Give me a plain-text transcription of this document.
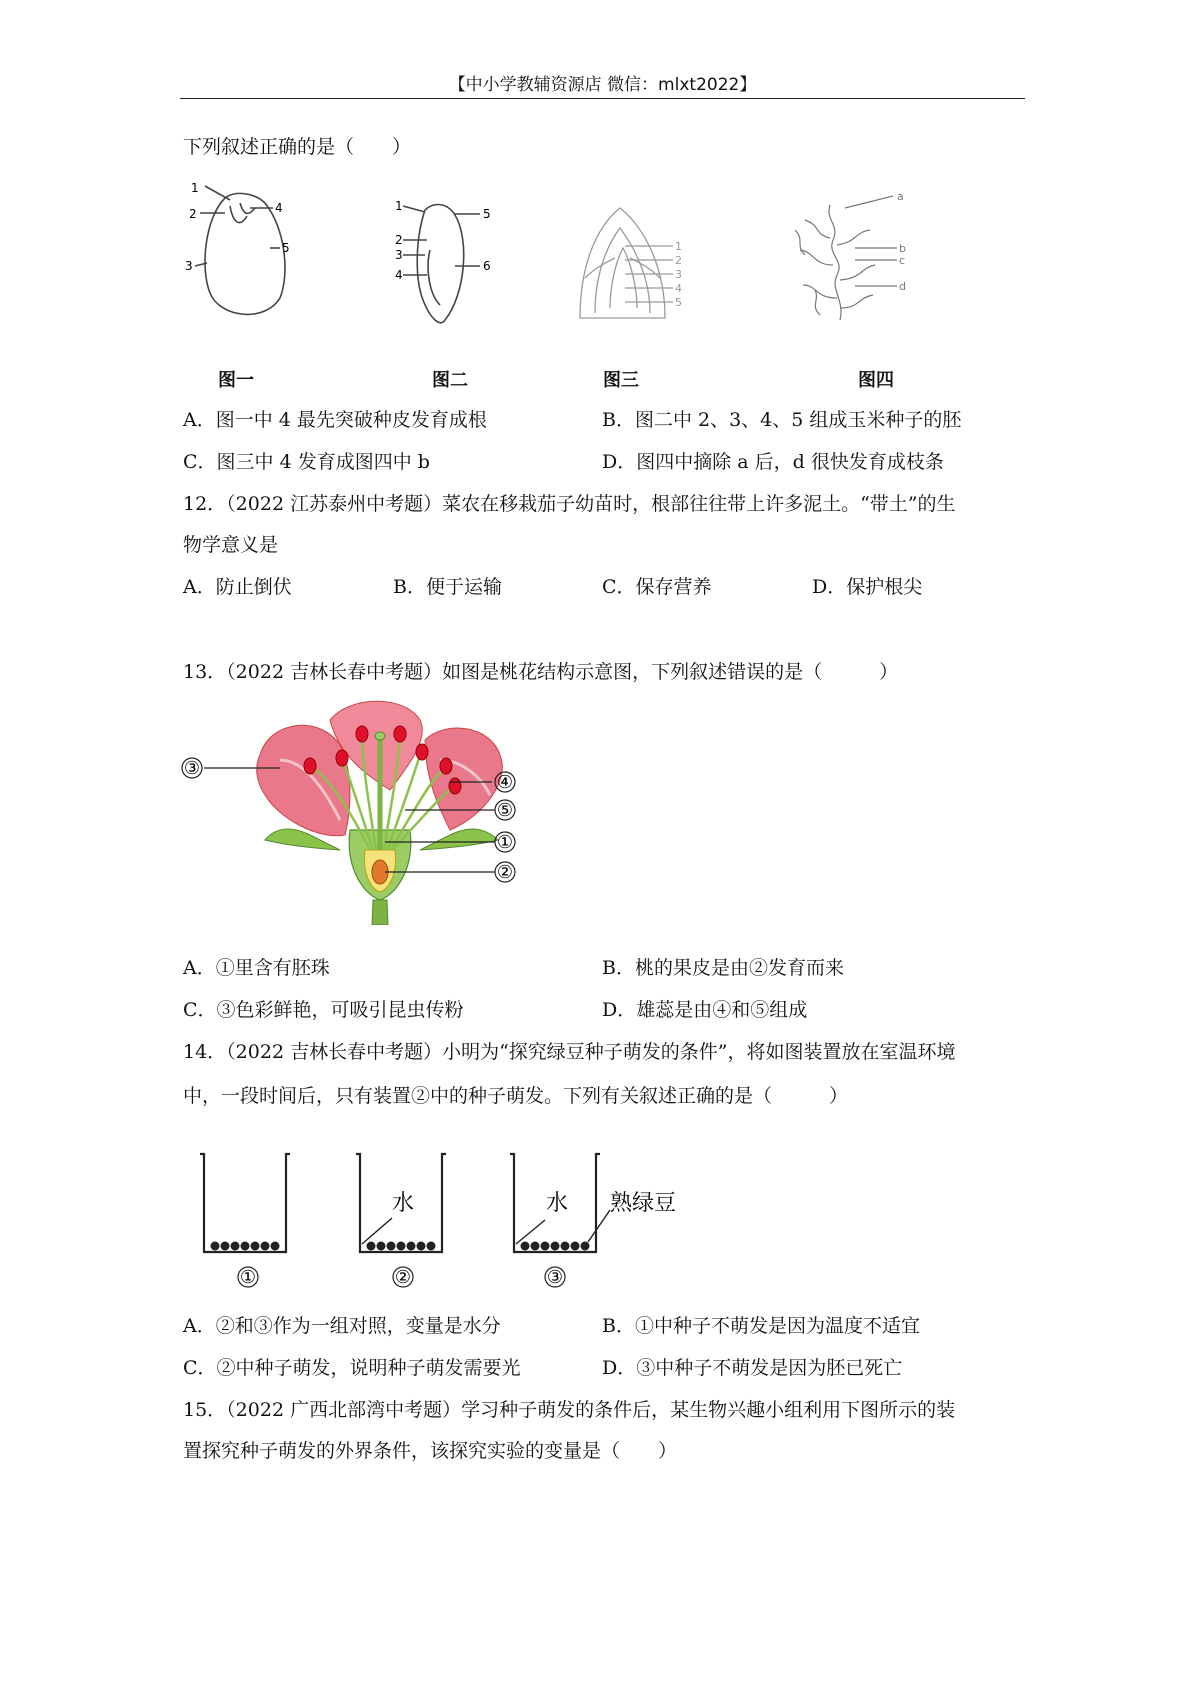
【中小学教辅资源店 微信：mlxt2022】
下列叙述正确的是（　　）
1
2
3
4
5
1
2
3
4
5
6
1
2
3
4
5
a
b
c
d
图一	图二	图三	图四
A．图一中 4 最先突破种皮发育成根	B．图二中 2、3、4、5 组成玉米种子的胚
C．图三中 4 发育成图四中 b	D．图四中摘除 a 后，d 很快发育成枝条
12．（2022 江苏泰州中考题）菜农在移栽茄子幼苗时，根部往往带上许多泥土。“带土”的生
物学意义是
A．防止倒伏	B．便于运输	C．保存营养	D．保护根尖
13．（2022 吉林长春中考题）如图是桃花结构示意图，下列叙述错误的是（　　　）
③
④
⑤
①
②
A．①里含有胚珠	B．桃的果皮是由②发育而来
C．③色彩鲜艳，可吸引昆虫传粉	D．雄蕊是由④和⑤组成
14．（2022 吉林长春中考题）小明为“探究绿豆种子萌发的条件”，将如图装置放在室温环境
中，一段时间后，只有装置②中的种子萌发。下列有关叙述正确的是（　　　）
①
水
②
水 熟绿豆
③
A．②和③作为一组对照，变量是水分	B．①中种子不萌发是因为温度不适宜
C．②中种子萌发，说明种子萌发需要光	D．③中种子不萌发是因为胚已死亡
15．（2022 广西北部湾中考题）学习种子萌发的条件后，某生物兴趣小组利用下图所示的装
置探究种子萌发的外界条件，该探究实验的变量是（　　）
